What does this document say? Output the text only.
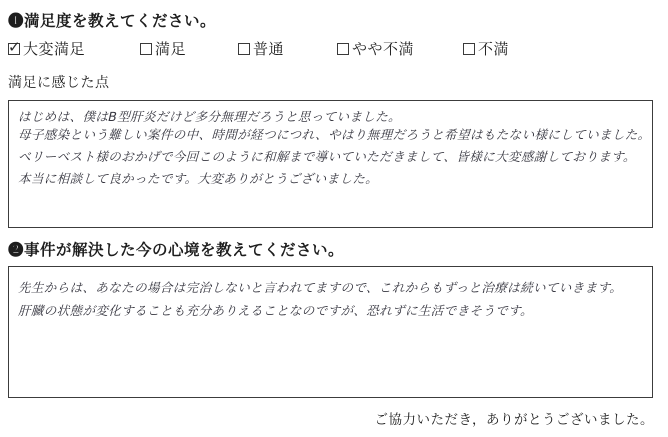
❶満足度を教えてください。
✓
大変満足	満足	普通	やや不満	不満
満足に感じた点
はじめは、僕はB型肝炎だけど多分無理だろうと思っていました。
母子感染という難しい案件の中、時間が経つにつれ、やはり無理だろうと希望はもたない様にしていました。
ベリーベスト様のおかげで今回このように和解まで導いていただきまして、皆様に大変感謝しております。
本当に相談して良かったです。大変ありがとうございました。
❷事件が解決した今の心境を教えてください。
先生からは、あなたの場合は完治しないと言われてますので、これからもずっと治療は続いていきます。
肝臓の状態が変化することも充分ありえることなのですが、恐れずに生活できそうです。
ご協力いただき，ありがとうございました。
